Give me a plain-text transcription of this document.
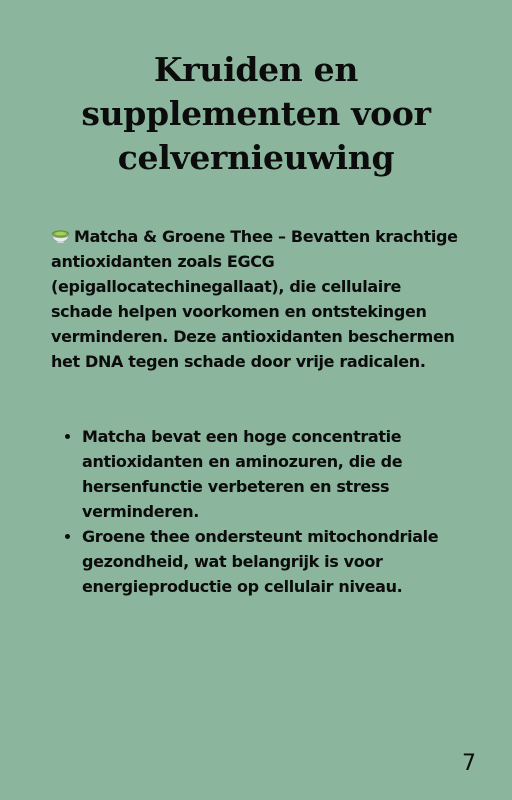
Kruiden en
supplementen voor
celvernieuwing

Matcha & Groene Thee – Bevatten krachtige antioxidanten zoals EGCG (epigallocatechinegallaat), die cellulaire schade helpen voorkomen en ontstekingen verminderen. Deze antioxidanten beschermen het DNA tegen schade door vrije radicalen.

• Matcha bevat een hoge concentratie antioxidanten en aminozuren, die de hersenfunctie verbeteren en stress verminderen.
• Groene thee ondersteunt mitochondriale gezondheid, wat belangrijk is voor energieproductie op cellulair niveau.
7
